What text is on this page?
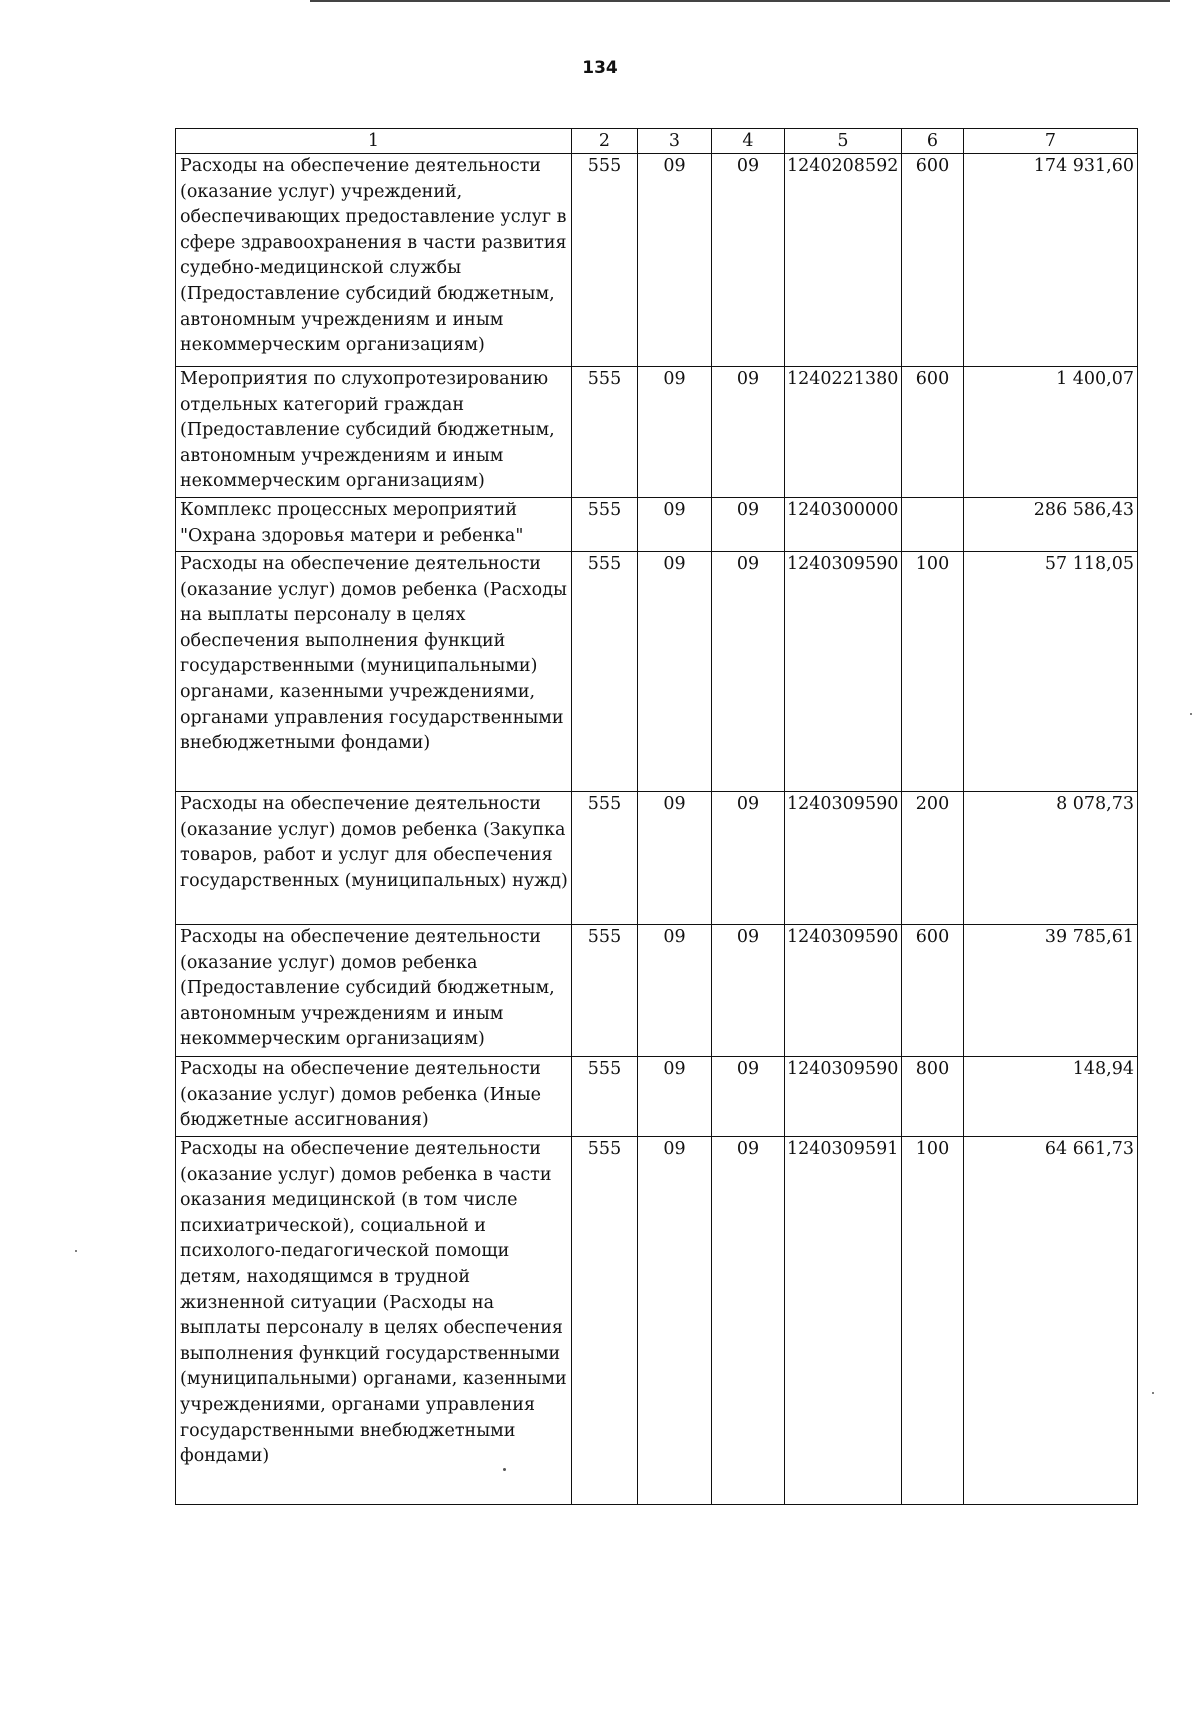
134
1	2	3	4	5	6	7
Расходы на обеспечение деятельности (оказание услуг) учреждений, обеспечивающих предоставление услуг в сфере здравоохранения в части развития судебно-медицинской службы (Предоставление субсидий бюджетным, автономным учреждениям и иным некоммерческим организациям)	555	09	09	1240208592	600	174 931,60
Мероприятия по слухопротезированию отдельных категорий граждан (Предоставление субсидий бюджетным, автономным учреждениям и иным некоммерческим организациям)	555	09	09	1240221380	600	1 400,07
Комплекс процессных мероприятий "Охрана здоровья матери и ребенка"	555	09	09	1240300000		286 586,43
Расходы на обеспечение деятельности (оказание услуг) домов ребенка (Расходы на выплаты персоналу в целях обеспечения выполнения функций государственными (муниципальными) органами, казенными учреждениями, органами управления государственными внебюджетными фондами)	555	09	09	1240309590	100	57 118,05
Расходы на обеспечение деятельности (оказание услуг) домов ребенка (Закупка товаров, работ и услуг для обеспечения государственных (муниципальных) нужд)	555	09	09	1240309590	200	8 078,73
Расходы на обеспечение деятельности (оказание услуг) домов ребенка (Предоставление субсидий бюджетным, автономным учреждениям и иным некоммерческим организациям)	555	09	09	1240309590	600	39 785,61
Расходы на обеспечение деятельности (оказание услуг) домов ребенка (Иные бюджетные ассигнования)	555	09	09	1240309590	800	148,94
Расходы на обеспечение деятельности (оказание услуг) домов ребенка в части оказания медицинской (в том числе психиатрической), социальной и психолого-педагогической помощи детям, находящимся в трудной жизненной ситуации (Расходы на выплаты персоналу в целях обеспечения выполнения функций государственными (муниципальными) органами, казенными учреждениями, органами управления государственными внебюджетными фондами)	555	09	09	1240309591	100	64 661,73
